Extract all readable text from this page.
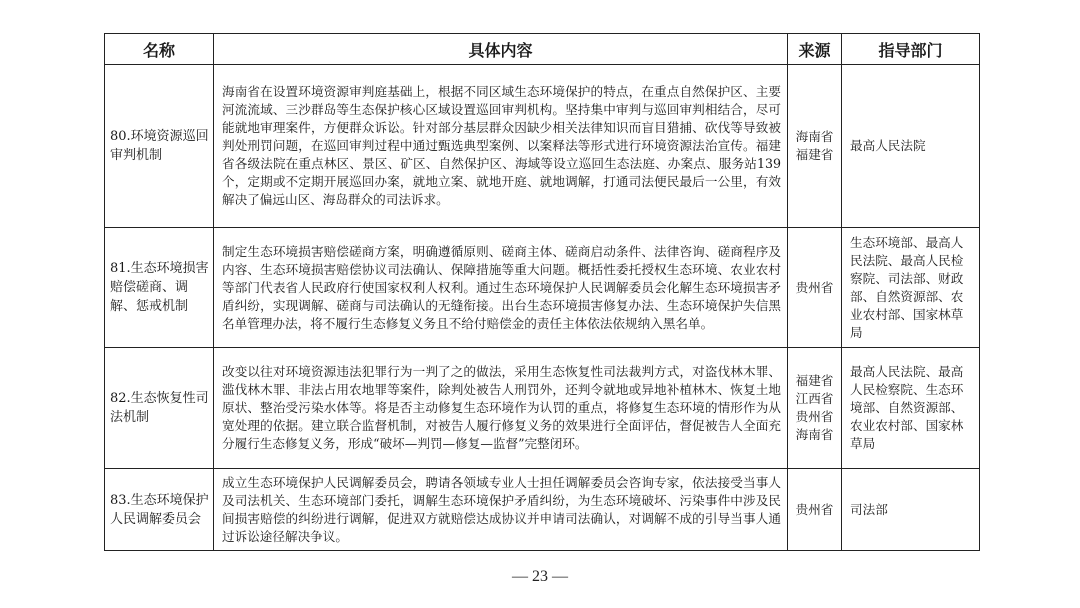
名称	具体内容	来源	指导部门
80.环境资源巡回审判机制	海南省在设置环境资源审判庭基础上，根据不同区域生态环境保护的特点，在重点自然保护区、主要河流流域、三沙群岛等生态保护核心区域设置巡回审判机构。坚持集中审判与巡回审判相结合，尽可能就地审理案件，方便群众诉讼。针对部分基层群众因缺少相关法律知识而盲目猎捕、砍伐等导致被判处刑罚问题，在巡回审判过程中通过甄选典型案例、以案释法等形式进行环境资源法治宣传。福建省各级法院在重点林区、景区、矿区、自然保护区、海域等设立巡回生态法庭、办案点、服务站139个，定期或不定期开展巡回办案，就地立案、就地开庭、就地调解，打通司法便民最后一公里，有效解决了偏远山区、海岛群众的司法诉求。	海南省福建省	最高人民法院
81.生态环境损害赔偿磋商、调解、惩戒机制	制定生态环境损害赔偿磋商方案，明确遵循原则、磋商主体、磋商启动条件、法律咨询、磋商程序及内容、生态环境损害赔偿协议司法确认、保障措施等重大问题。概括性委托授权生态环境、农业农村等部门代表省人民政府行使国家权利人权利。通过生态环境保护人民调解委员会化解生态环境损害矛盾纠纷，实现调解、磋商与司法确认的无缝衔接。出台生态环境损害修复办法、生态环境保护失信黑名单管理办法，将不履行生态修复义务且不给付赔偿金的责任主体依法依规纳入黑名单。	贵州省	生态环境部、最高人民法院、最高人民检察院、司法部、财政部、自然资源部、农业农村部、国家林草局
82.生态恢复性司法机制	改变以往对环境资源违法犯罪行为一判了之的做法，采用生态恢复性司法裁判方式，对盗伐林木罪、滥伐林木罪、非法占用农地罪等案件，除判处被告人刑罚外，还判令就地或异地补植林木、恢复土地原状、整治受污染水体等。将是否主动修复生态环境作为认罚的重点，将修复生态环境的情形作为从宽处理的依据。建立联合监督机制，对被告人履行修复义务的效果进行全面评估，督促被告人全面充分履行生态修复义务，形成“破坏—判罚—修复—监督”完整闭环。	福建省江西省贵州省海南省	最高人民法院、最高人民检察院、生态环境部、自然资源部、农业农村部、国家林草局
83.生态环境保护人民调解委员会	成立生态环境保护人民调解委员会，聘请各领域专业人士担任调解委员会咨询专家，依法接受当事人及司法机关、生态环境部门委托，调解生态环境保护矛盾纠纷，为生态环境破坏、污染事件中涉及民间损害赔偿的纠纷进行调解，促进双方就赔偿达成协议并申请司法确认，对调解不成的引导当事人通过诉讼途径解决争议。	贵州省	司法部
— 23 —
